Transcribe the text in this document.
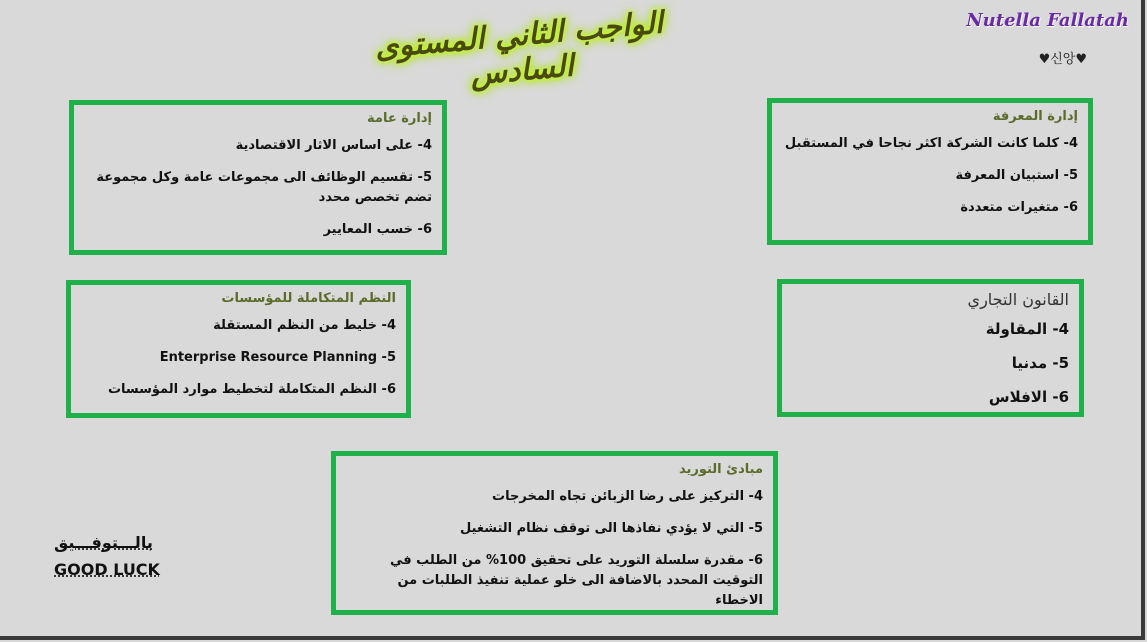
الواجب الثاني المستوى السادس
Nutella Fallatah
♥신앙♥
إدارة عامة
4- على اساس الاثار الاقتصادية
5- تقسيم الوظائف الى مجموعات عامة وكل مجموعة تضم تخصص محدد
6- خسب المعايير
إدارة المعرفة
4- كلما كانت الشركة اكثر نجاحا في المستقبل
5- استبيان المعرفة
6- متغيرات متعددة
النظم المتكاملة للمؤسسات
4- خليط من النظم المستقلة
5- Enterprise Resource Planning
6- النظم المتكاملة لتخطيط موارد المؤسسات
القانون التجاري
4- المقاولة
5- مدنيا
6- الافلاس
مبادئ التوريد
4- التركيز على رضا الزبائن تجاه المخرجات
5- التي لا يؤدي نفاذها الى توقف نظام التشغيل
6- مقدرة سلسلة التوريد على تحقيق 100% من الطلب في التوقيت المحدد بالاضافة الى خلو عملية تنفيذ الطلبات من الاخطاء
بالـــتوفـــيق
GOOD LUCK
